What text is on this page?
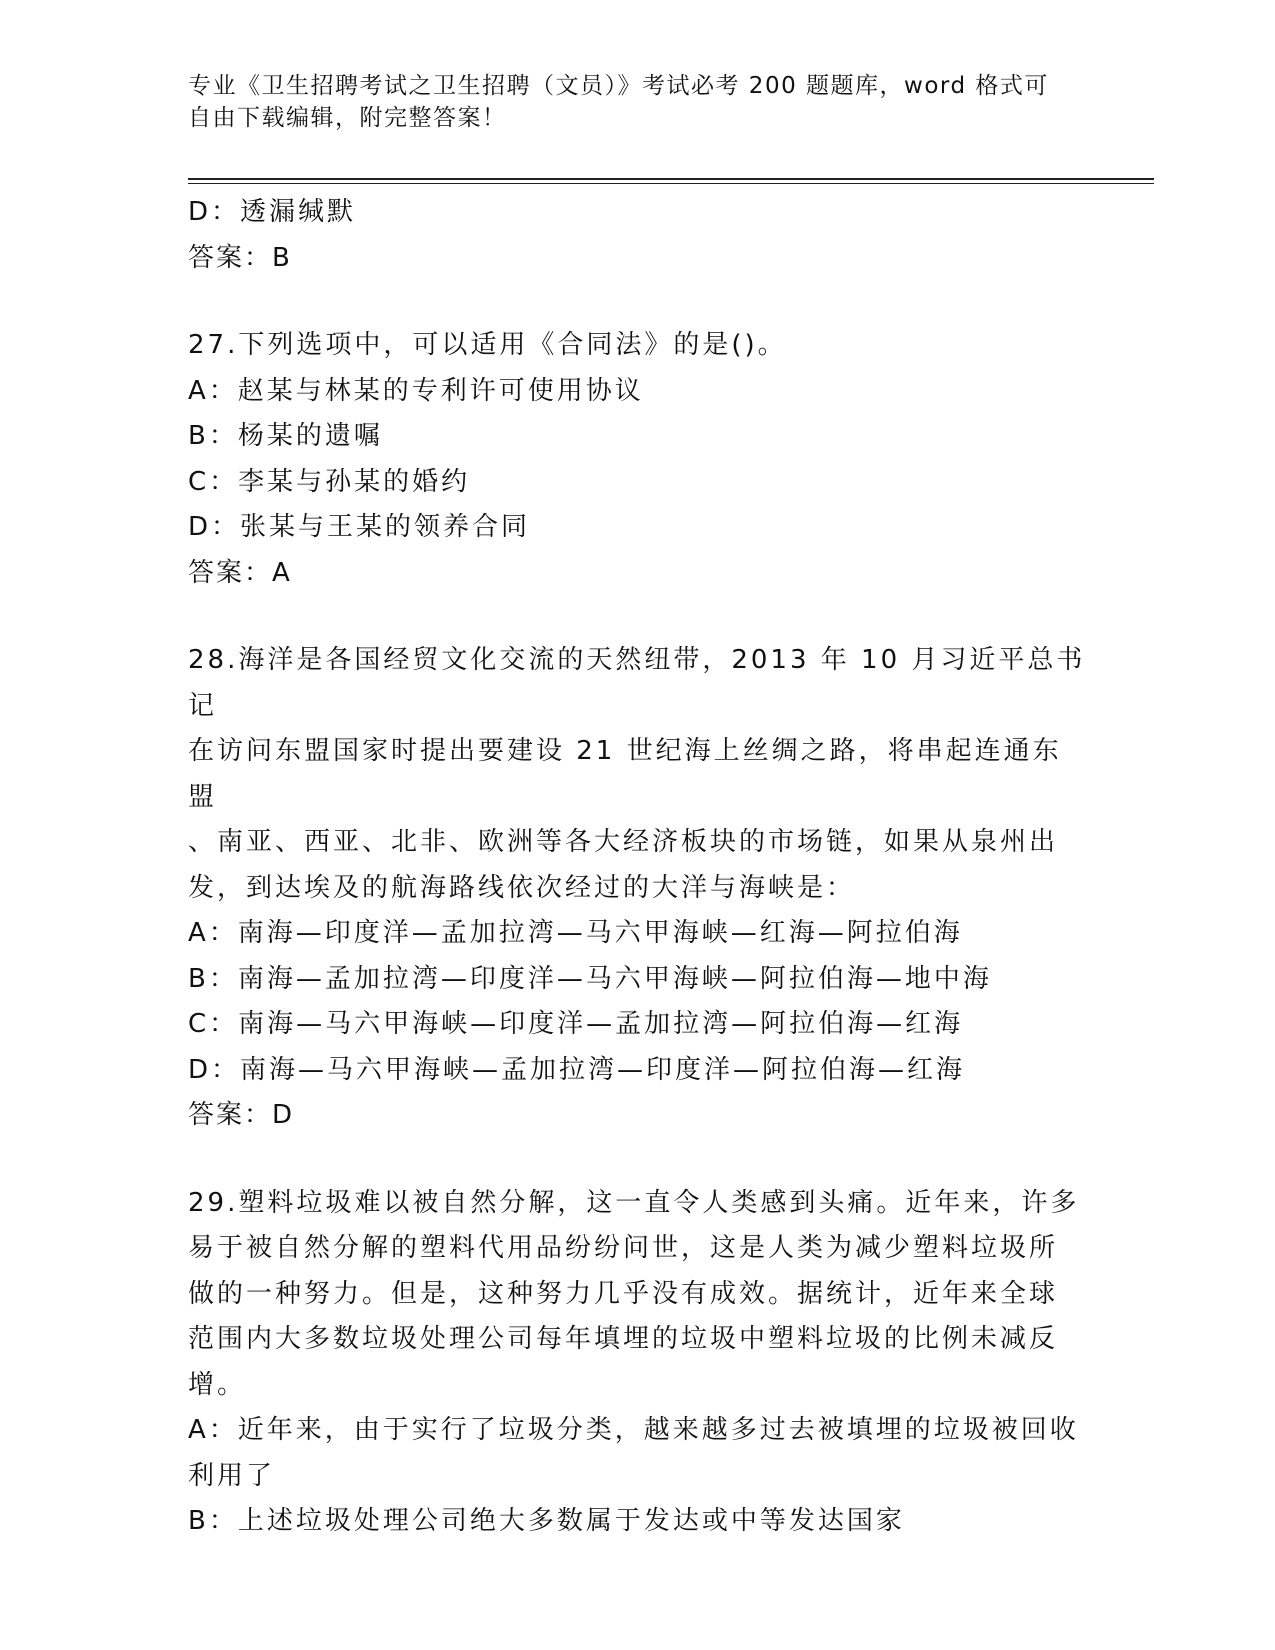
专业《卫生招聘考试之卫生招聘（文员）》考试必考 200 题题库，word 格式可自由下载编辑，附完整答案！

D：透漏缄默

答案：B

27.下列选项中，可以适用《合同法》的是()。

A：赵某与林某的专利许可使用协议

B：杨某的遗嘱

C：李某与孙某的婚约

D：张某与王某的领养合同

答案：A

28.海洋是各国经贸文化交流的天然纽带，2013 年 10 月习近平总书记

在访问东盟国家时提出要建设 21 世纪海上丝绸之路，将串起连通东盟

、南亚、西亚、北非、欧洲等各大经济板块的市场链，如果从泉州出

发，到达埃及的航海路线依次经过的大洋与海峡是：

A：南海—印度洋—孟加拉湾—马六甲海峡—红海—阿拉伯海

B：南海—孟加拉湾—印度洋—马六甲海峡—阿拉伯海—地中海

C：南海—马六甲海峡—印度洋—孟加拉湾—阿拉伯海—红海

D：南海—马六甲海峡—孟加拉湾—印度洋—阿拉伯海—红海

答案：D

29.塑料垃圾难以被自然分解，这一直令人类感到头痛。近年来，许多

易于被自然分解的塑料代用品纷纷问世，这是人类为减少塑料垃圾所

做的一种努力。但是，这种努力几乎没有成效。据统计，近年来全球

范围内大多数垃圾处理公司每年填埋的垃圾中塑料垃圾的比例未减反

增。

A：近年来，由于实行了垃圾分类，越来越多过去被填埋的垃圾被回收

利用了

B：上述垃圾处理公司绝大多数属于发达或中等发达国家
